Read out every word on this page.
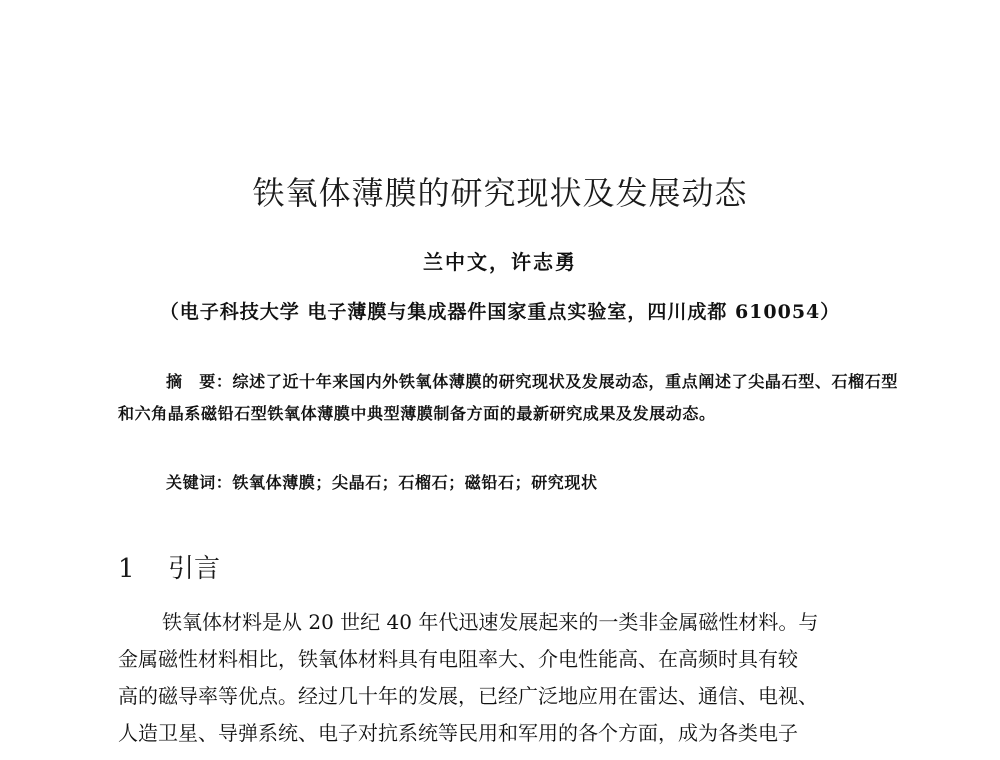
铁氧体薄膜的研究现状及发展动态
兰中文，许志勇
（电子科技大学 电子薄膜与集成器件国家重点实验室，四川成都 610054）
摘　要：综述了近十年来国内外铁氧体薄膜的研究现状及发展动态，重点阐述了尖晶石型、石榴石型和六角晶系磁铅石型铁氧体薄膜中典型薄膜制备方面的最新研究成果及发展动态。
关键词：铁氧体薄膜；尖晶石；石榴石；磁铅石；研究现状
1 引言
铁氧体材料是从 20 世纪 40 年代迅速发展起来的一类非金属磁性材料。与
金属磁性材料相比，铁氧体材料具有电阻率大、介电性能高、在高频时具有较
高的磁导率等优点。经过几十年的发展，已经广泛地应用在雷达、通信、电视、
人造卫星、导弹系统、电子对抗系统等民用和军用的各个方面，成为各类电子
